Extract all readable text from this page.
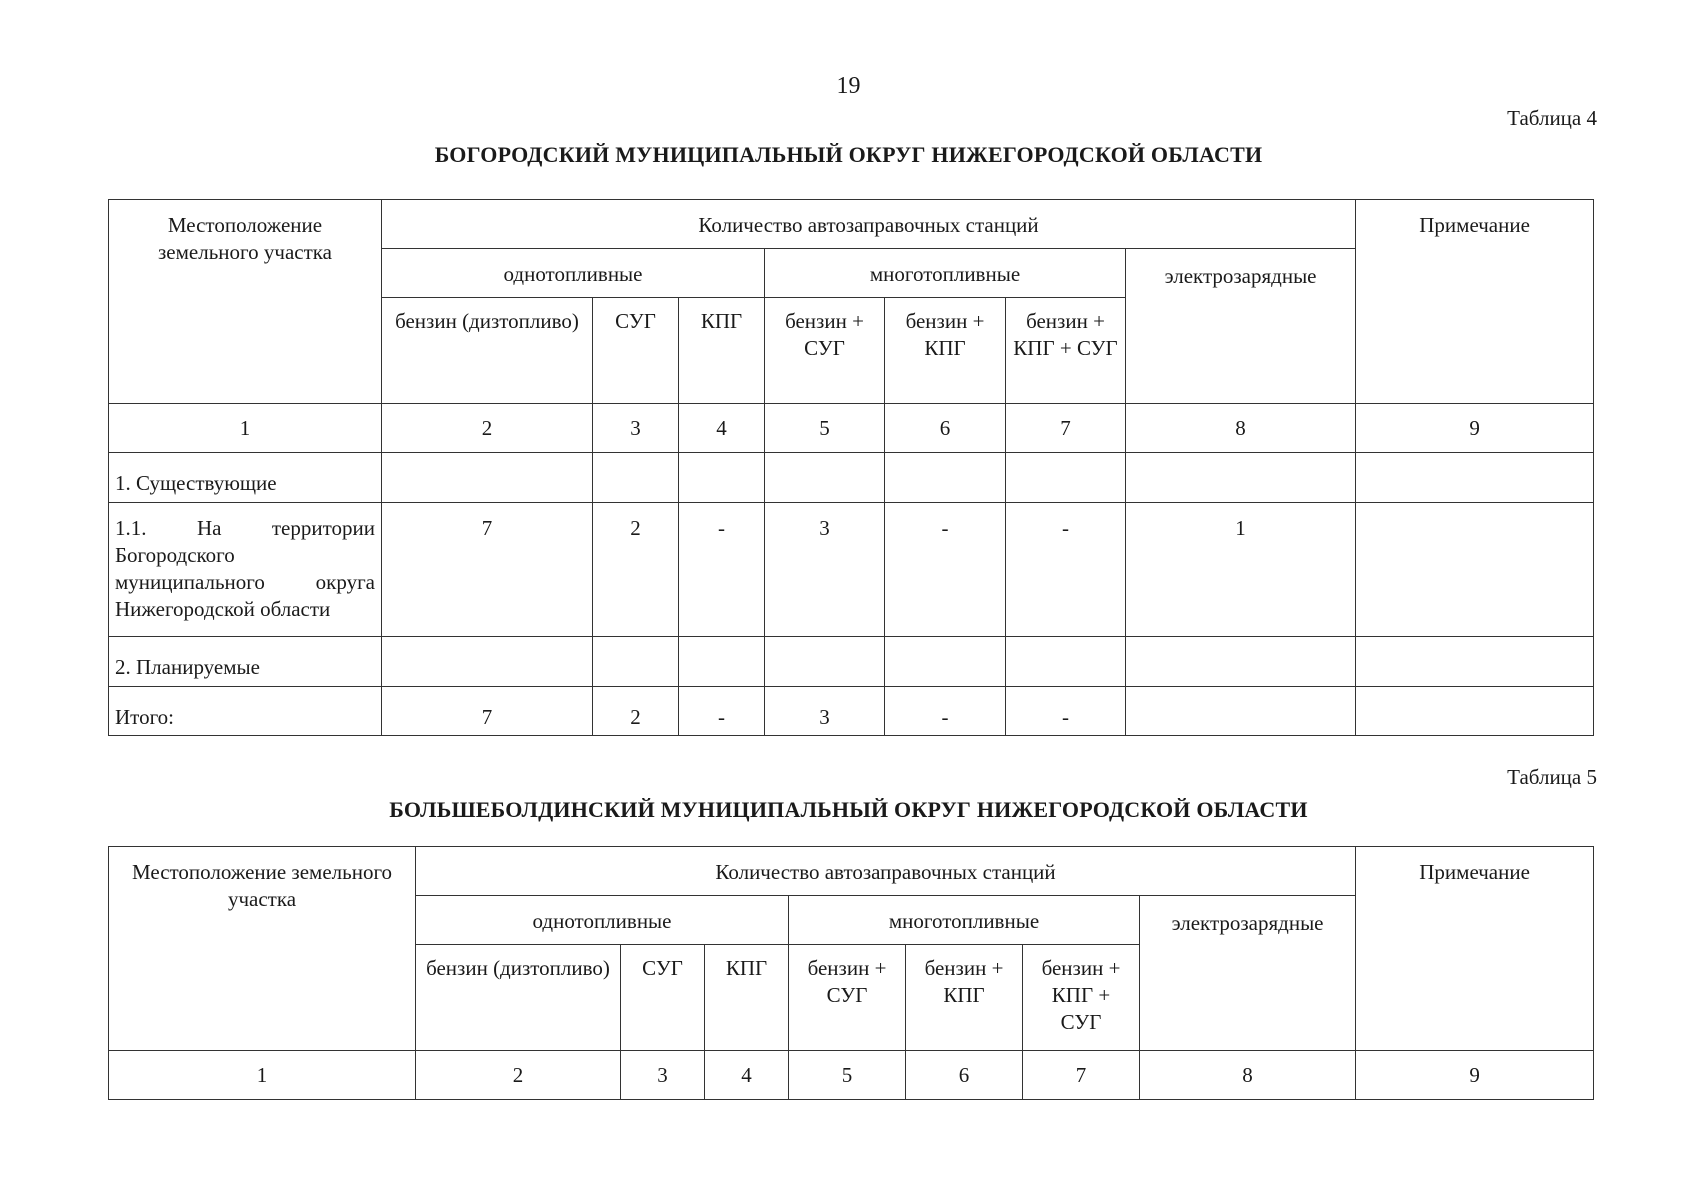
19
Таблица 4
БОГОРОДСКИЙ МУНИЦИПАЛЬНЫЙ ОКРУГ НИЖЕГОРОДСКОЙ ОБЛАСТИ
Местоположение земельного участка	Количество автозаправочных станций							Примечание
	однотопливные			многотопливные			электрозарядные	

	бензин (дизтопливо)	СУГ	КПГ	бензин + СУГ	бензин + КПГ	бензин + КПГ + СУГ		
1	2	3	4	5	6	7	8	9
1. Существующие								
1.1. На территории Богородского муниципального округа Нижегородской области	7	2	-	3	-	-	1	
2. Планируемые								
Итого:	7	2	-	3	-	-		
Таблица 5
БОЛЬШЕБОЛДИНСКИЙ МУНИЦИПАЛЬНЫЙ ОКРУГ НИЖЕГОРОДСКОЙ ОБЛАСТИ
Местоположение земельного участка	Количество автозаправочных станций							Примечание
	однотопливные			многотопливные			электрозарядные	

	бензин (дизтопливо)	СУГ	КПГ	бензин + СУГ	бензин + КПГ	бензин + КПГ + СУГ		
1	2	3	4	5	6	7	8	9
